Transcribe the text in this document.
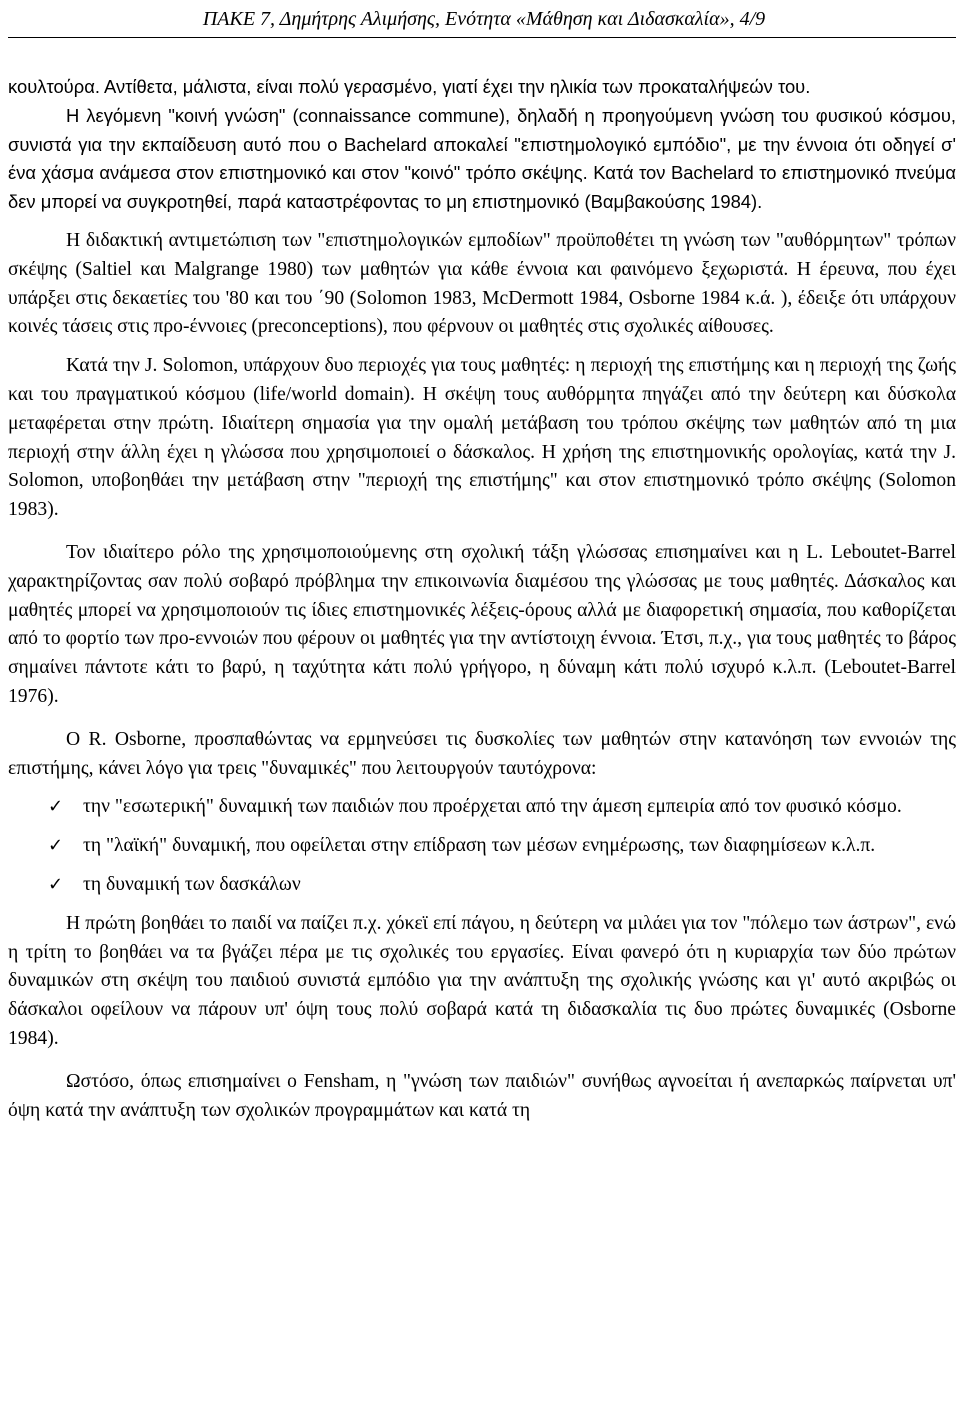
ΠΑΚΕ 7, Δημήτρης Αλιμήσης, Ενότητα «Μάθηση και Διδασκαλία», 4/9

κουλτούρα. Αντίθετα, μάλιστα, είναι πολύ γερασμένο, γιατί έχει την ηλικία των προκαταλήψεών του.

Η λεγόμενη "κοινή γνώση" (connaissance commune), δηλαδή η προηγούμενη γνώση του φυσικού κόσμου, συνιστά για την εκπαίδευση αυτό που ο Bachelard αποκαλεί "επιστημολογικό εμπόδιο", με την έννοια ότι οδηγεί σ' ένα χάσμα ανάμεσα στον επιστημονικό και στον "κοινό" τρόπο σκέψης. Κατά τον Bachelard το επιστημονικό πνεύμα δεν μπορεί να συγκροτηθεί, παρά καταστρέφοντας το μη επιστημονικό (Βαμβακούσης 1984).

Η διδακτική αντιμετώπιση των "επιστημολογικών εμποδίων" προϋποθέτει τη γνώση των "αυθόρμητων" τρόπων σκέψης (Saltiel και Malgrange 1980) των μαθητών για κάθε έννοια και φαινόμενο ξεχωριστά. Η έρευνα, που έχει υπάρξει στις δεκαετίες του '80 και του ΄90 (Solomon 1983, McDermott 1984, Osborne 1984 κ.ά. ), έδειξε ότι υπάρχουν κοινές τάσεις στις προ-έννοιες (preconceptions), που φέρνουν οι μαθητές στις σχολικές αίθουσες.

Κατά την J. Solomon, υπάρχουν δυο περιοχές για τους μαθητές: η περιοχή της επιστήμης και η περιοχή της ζωής και του πραγματικού κόσμου (life/world domain). Η σκέψη τους αυθόρμητα πηγάζει από την δεύτερη και δύσκολα μεταφέρεται στην πρώτη. Ιδιαίτερη σημασία για την ομαλή μετάβαση του τρόπου σκέψης των μαθητών από τη μια περιοχή στην άλλη έχει η γλώσσα που χρησιμοποιεί ο δάσκαλος. Η χρήση της επιστημονικής ορολογίας, κατά την J. Solomon, υποβοηθάει την μετάβαση στην "περιοχή της επιστήμης" και στον επιστημονικό τρόπο σκέψης (Solomon 1983).

Τον ιδιαίτερο ρόλο της χρησιμοποιούμενης στη σχολική τάξη γλώσσας επισημαίνει και η L. Leboutet-Barrel χαρακτηρίζοντας σαν πολύ σοβαρό πρόβλημα την επικοινωνία διαμέσου της γλώσσας με τους μαθητές. Δάσκαλος και μαθητές μπορεί να χρησιμοποιούν τις ίδιες επιστημονικές λέξεις-όρους αλλά με διαφορετική σημασία, που καθορίζεται από το φορτίο των προ-εννοιών που φέρουν οι μαθητές για την αντίστοιχη έννοια. Έτσι, π.χ., για τους μαθητές το βάρος σημαίνει πάντοτε κάτι το βαρύ, η ταχύτητα κάτι πολύ γρήγορο, η δύναμη κάτι πολύ ισχυρό κ.λ.π. (Leboutet-Barrel 1976).

Ο R. Osborne, προσπαθώντας να ερμηνεύσει τις δυσκολίες των μαθητών στην κατανόηση των εννοιών της επιστήμης, κάνει λόγο για τρεις "δυναμικές" που λειτουργούν ταυτόχρονα:

✓ την "εσωτερική" δυναμική των παιδιών που προέρχεται από την άμεση εμπειρία από τον φυσικό κόσμο.
✓ τη "λαϊκή" δυναμική, που οφείλεται στην επίδραση των μέσων ενημέρωσης, των διαφημίσεων κ.λ.π.
✓ τη δυναμική των δασκάλων

Η πρώτη βοηθάει το παιδί να παίζει π.χ. χόκεϊ επί πάγου, η δεύτερη να μιλάει για τον "πόλεμο των άστρων", ενώ η τρίτη το βοηθάει να τα βγάζει πέρα με τις σχολικές του εργασίες. Είναι φανερό ότι η κυριαρχία των δύο πρώτων δυναμικών στη σκέψη του παιδιού συνιστά εμπόδιο για την ανάπτυξη της σχολικής γνώσης και γι' αυτό ακριβώς οι δάσκαλοι οφείλουν να πάρουν υπ' όψη τους πολύ σοβαρά κατά τη διδασκαλία τις δυο πρώτες δυναμικές (Osborne 1984).

Ωστόσο, όπως επισημαίνει ο Fensham, η "γνώση των παιδιών" συνήθως αγνοείται ή ανεπαρκώς παίρνεται υπ' όψη κατά την ανάπτυξη των σχολικών προγραμμάτων και κατά τη
